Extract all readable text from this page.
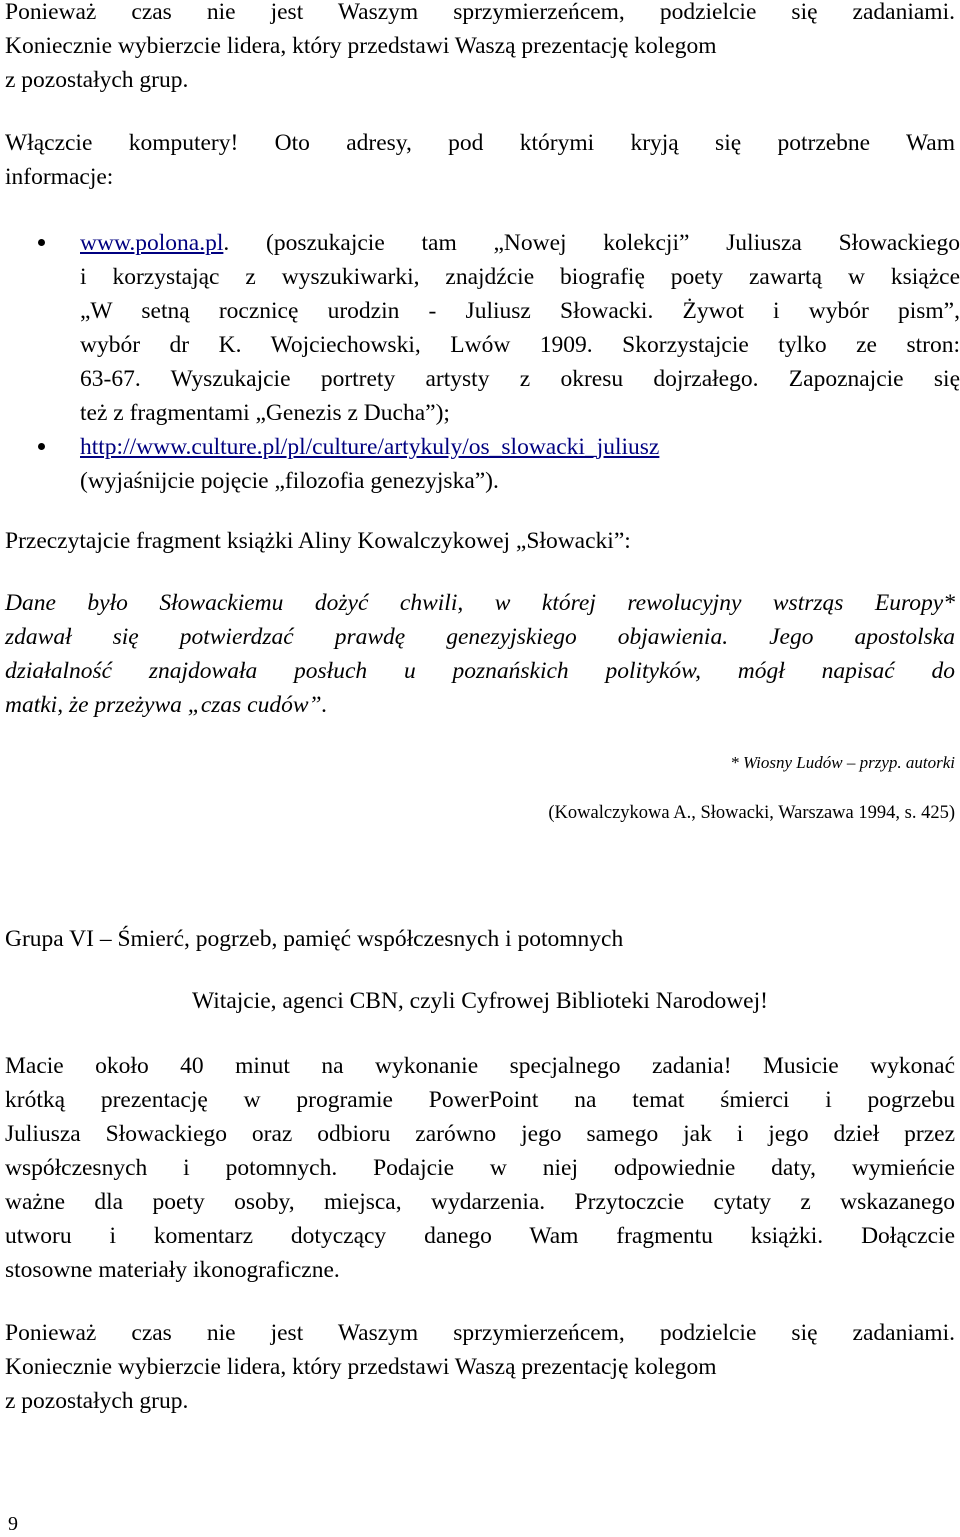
Ponieważ czas nie jest Waszym sprzymierzeńcem, podzielcie się zadaniami.
Koniecznie wybierzcie lidera, który przedstawi Waszą prezentację kolegom
z pozostałych grup.
Włączcie komputery! Oto adresy, pod którymi kryją się potrzebne Wam
informacje:
www.polona.pl. (poszukajcie tam „Nowej kolekcji” Juliusza Słowackiego
i korzystając z wyszukiwarki, znajdźcie biografię poety zawartą w książce
„W setną rocznicę urodzin - Juliusz Słowacki. Żywot i wybór pism”,
wybór dr K. Wojciechowski, Lwów 1909. Skorzystajcie tylko ze stron:
63-67. Wyszukajcie portrety artysty z okresu dojrzałego. Zapoznajcie się
też z fragmentami „Genezis z Ducha”);
http://www.culture.pl/pl/culture/artykuly/os_slowacki_juliusz
(wyjaśnijcie pojęcie „filozofia genezyjska”).
Przeczytajcie fragment książki Aliny Kowalczykowej „Słowacki”:
Dane było Słowackiemu dożyć chwili, w której rewolucyjny wstrząs Europy*
zdawał się potwierdzać prawdę genezyjskiego objawienia. Jego apostolska
działalność znajdowała posłuch u poznańskich polityków, mógł napisać do
matki, że przeżywa „czas cudów”.
* Wiosny Ludów – przyp. autorki
(Kowalczykowa A., Słowacki, Warszawa 1994, s. 425)
Grupa VI – Śmierć, pogrzeb, pamięć współczesnych i potomnych
Witajcie, agenci CBN, czyli Cyfrowej Biblioteki Narodowej!
Macie około 40 minut na wykonanie specjalnego zadania! Musicie wykonać
krótką prezentację w programie PowerPoint na temat śmierci i pogrzebu
Juliusza Słowackiego oraz odbioru zarówno jego samego jak i jego dzieł przez
współczesnych i potomnych. Podajcie w niej odpowiednie daty, wymieńcie
ważne dla poety osoby, miejsca, wydarzenia. Przytoczcie cytaty z wskazanego
utworu i komentarz dotyczący danego Wam fragmentu książki. Dołączcie
stosowne materiały ikonograficzne.
Ponieważ czas nie jest Waszym sprzymierzeńcem, podzielcie się zadaniami.
Koniecznie wybierzcie lidera, który przedstawi Waszą prezentację kolegom
z pozostałych grup.
9
